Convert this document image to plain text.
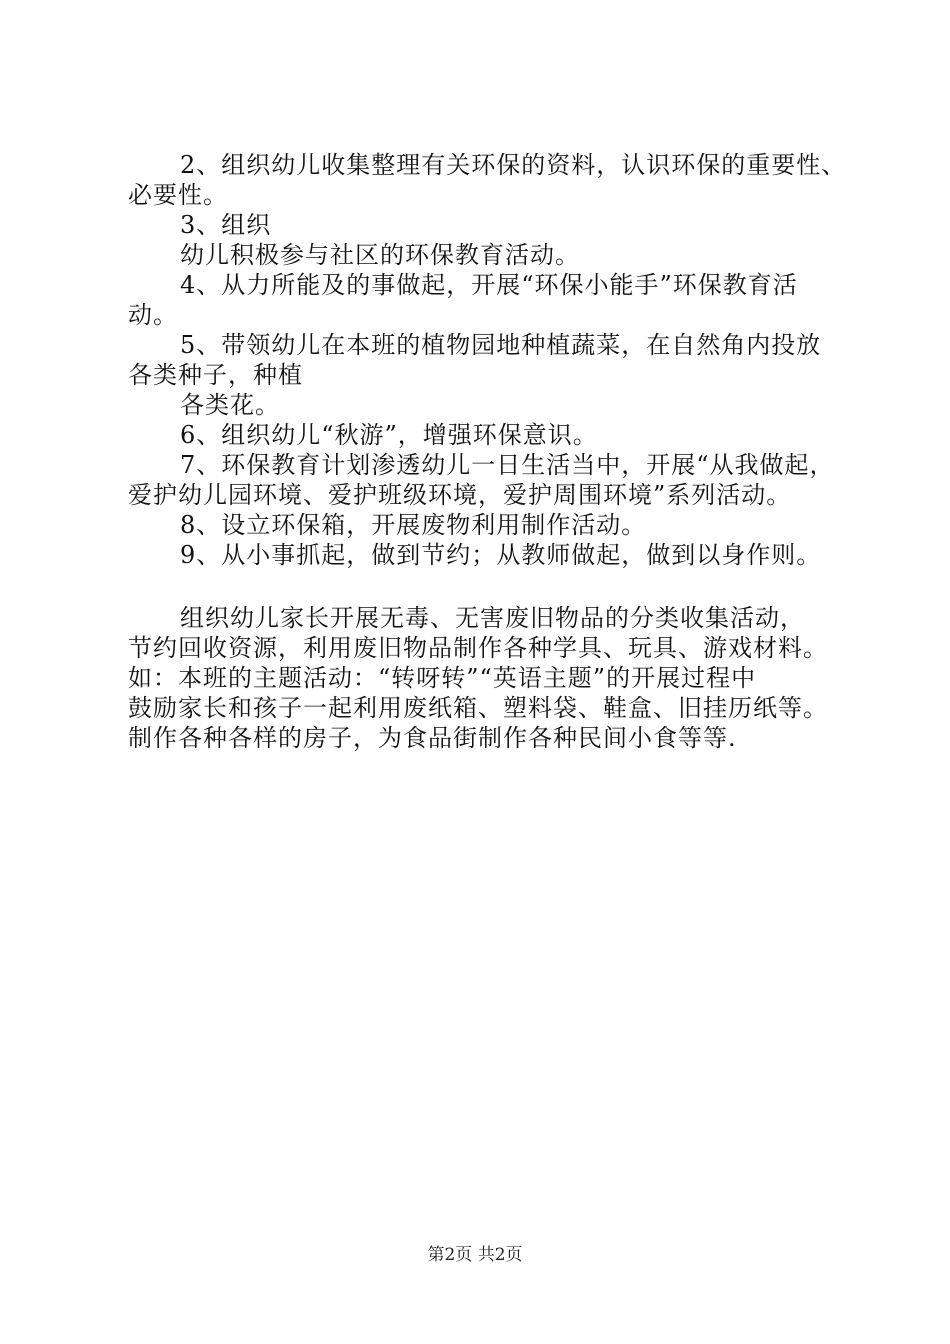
2、组织幼儿收集整理有关环保的资料，认识环保的重要性、
必要性。
3、组织
幼儿积极参与社区的环保教育活动。
4、从力所能及的事做起，开展“环保小能手”环保教育活
动。
5、带领幼儿在本班的植物园地种植蔬菜，在自然角内投放
各类种子，种植
各类花。
6、组织幼儿“秋游”，增强环保意识。
7、环保教育计划渗透幼儿一日生活当中，开展“从我做起，
爱护幼儿园环境、爱护班级环境，爱护周围环境”系列活动。
8、设立环保箱，开展废物利用制作活动。
9、从小事抓起，做到节约；从教师做起，做到以身作则。
组织幼儿家长开展无毒、无害废旧物品的分类收集活动，
节约回收资源，利用废旧物品制作各种学具、玩具、游戏材料。
如：本班的主题活动：“转呀转”“英语主题”的开展过程中
鼓励家长和孩子一起利用废纸箱、塑料袋、鞋盒、旧挂历纸等。
制作各种各样的房子，为食品街制作各种民间小食等等.
第2页 共2页
